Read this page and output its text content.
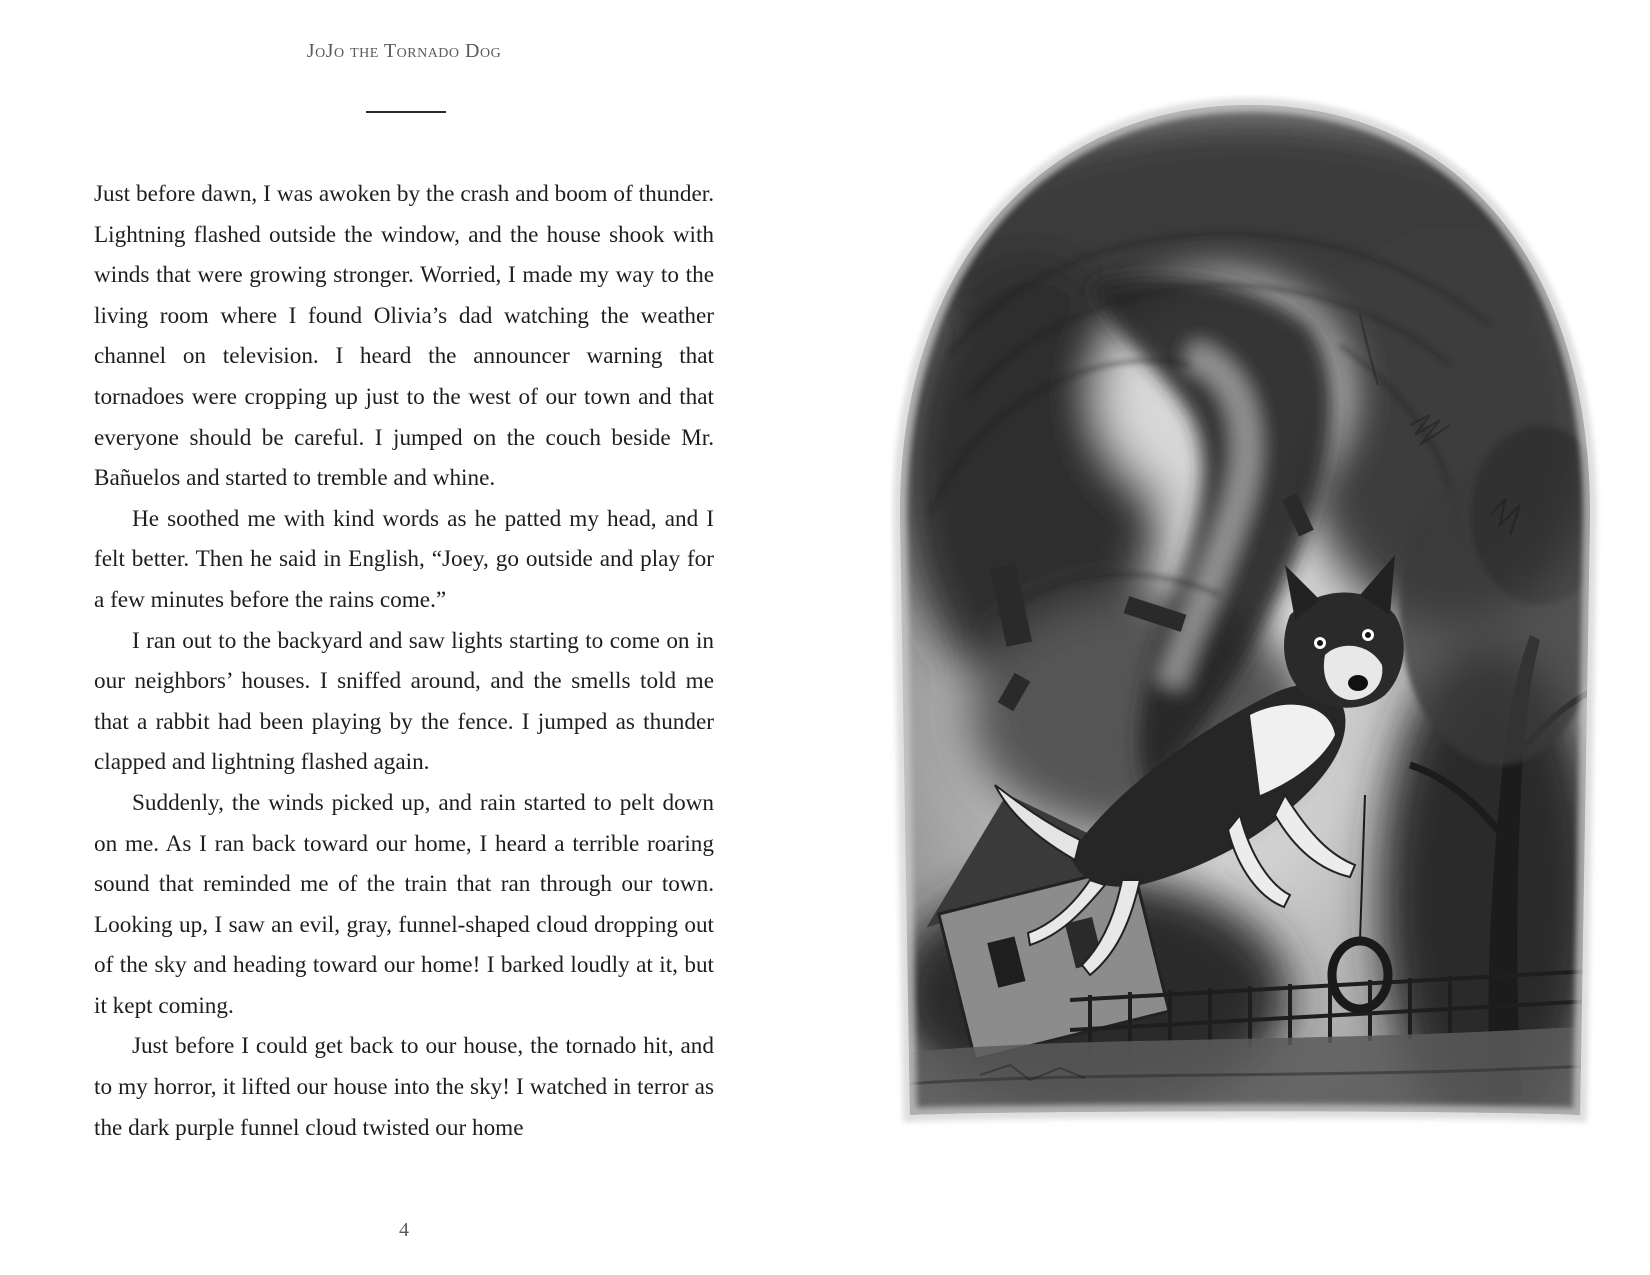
JoJo the Tornado Dog

Just before dawn, I was awoken by the crash and boom of thunder. Lightning flashed outside the window, and the house shook with winds that were growing stronger. Worried, I made my way to the living room where I found Olivia’s dad watching the weather channel on television. I heard the announcer warning that tornadoes were cropping up just to the west of our town and that everyone should be careful. I jumped on the couch beside Mr. Bañuelos and started to tremble and whine.

He soothed me with kind words as he patted my head, and I felt better. Then he said in English, “Joey, go outside and play for a few minutes before the rains come.”

I ran out to the backyard and saw lights starting to come on in our neighbors’ houses. I sniffed around, and the smells told me that a rabbit had been playing by the fence. I jumped as thunder clapped and lightning flashed again.

Suddenly, the winds picked up, and rain started to pelt down on me. As I ran back toward our home, I heard a terrible roaring sound that reminded me of the train that ran through our town. Looking up, I saw an evil, gray, funnel-shaped cloud dropping out of the sky and heading toward our home! I barked loudly at it, but it kept coming.

Just before I could get back to our house, the tornado hit, and to my horror, it lifted our house into the sky! I watched in terror as the dark purple funnel cloud twisted our home

4
